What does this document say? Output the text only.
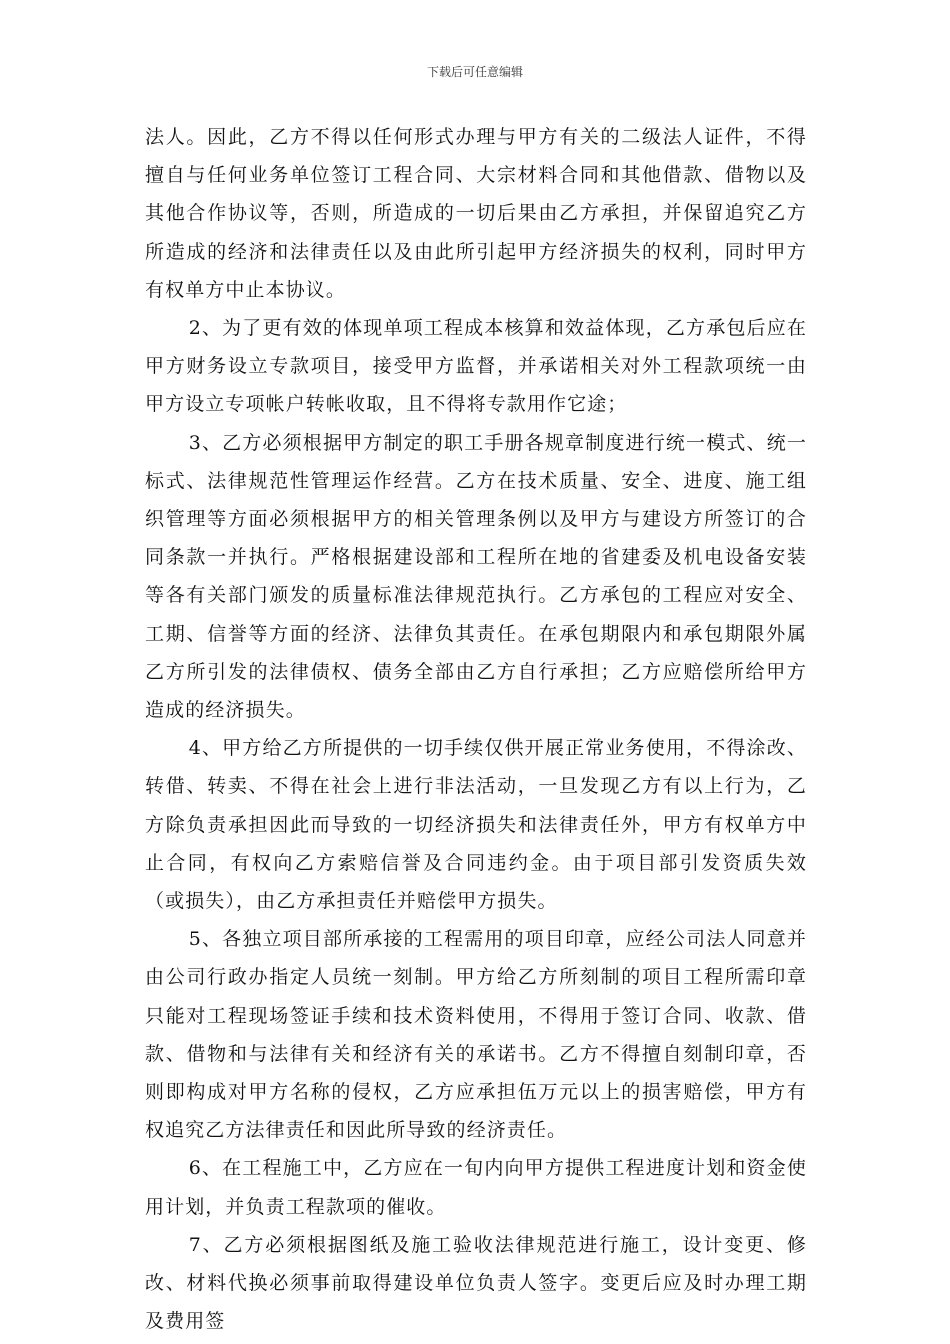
下载后可任意编辑

法人。因此，乙方不得以任何形式办理与甲方有关的二级法人证件，不得擅自与任何业务单位签订工程合同、大宗材料合同和其他借款、借物以及其他合作协议等，否则，所造成的一切后果由乙方承担，并保留追究乙方所造成的经济和法律责任以及由此所引起甲方经济损失的权利，同时甲方有权单方中止本协议。

2、为了更有效的体现单项工程成本核算和效益体现，乙方承包后应在甲方财务设立专款项目，接受甲方监督，并承诺相关对外工程款项统一由甲方设立专项帐户转帐收取，且不得将专款用作它途；

3、乙方必须根据甲方制定的职工手册各规章制度进行统一模式、统一标式、法律规范性管理运作经营。乙方在技术质量、安全、进度、施工组织管理等方面必须根据甲方的相关管理条例以及甲方与建设方所签订的合同条款一并执行。严格根据建设部和工程所在地的省建委及机电设备安装等各有关部门颁发的质量标准法律规范执行。乙方承包的工程应对安全、工期、信誉等方面的经济、法律负其责任。在承包期限内和承包期限外属乙方所引发的法律债权、债务全部由乙方自行承担；乙方应赔偿所给甲方造成的经济损失。

4、甲方给乙方所提供的一切手续仅供开展正常业务使用，不得涂改、转借、转卖、不得在社会上进行非法活动，一旦发现乙方有以上行为，乙方除负责承担因此而导致的一切经济损失和法律责任外，甲方有权单方中止合同，有权向乙方索赔信誉及合同违约金。由于项目部引发资质失效（或损失），由乙方承担责任并赔偿甲方损失。

5、各独立项目部所承接的工程需用的项目印章，应经公司法人同意并由公司行政办指定人员统一刻制。甲方给乙方所刻制的项目工程所需印章只能对工程现场签证手续和技术资料使用，不得用于签订合同、收款、借款、借物和与法律有关和经济有关的承诺书。乙方不得擅自刻制印章，否则即构成对甲方名称的侵权，乙方应承担伍万元以上的损害赔偿，甲方有权追究乙方法律责任和因此所导致的经济责任。

6、在工程施工中，乙方应在一旬内向甲方提供工程进度计划和资金使用计划，并负责工程款项的催收。

7、乙方必须根据图纸及施工验收法律规范进行施工，设计变更、修改、材料代换必须事前取得建设单位负责人签字。变更后应及时办理工期及费用签
